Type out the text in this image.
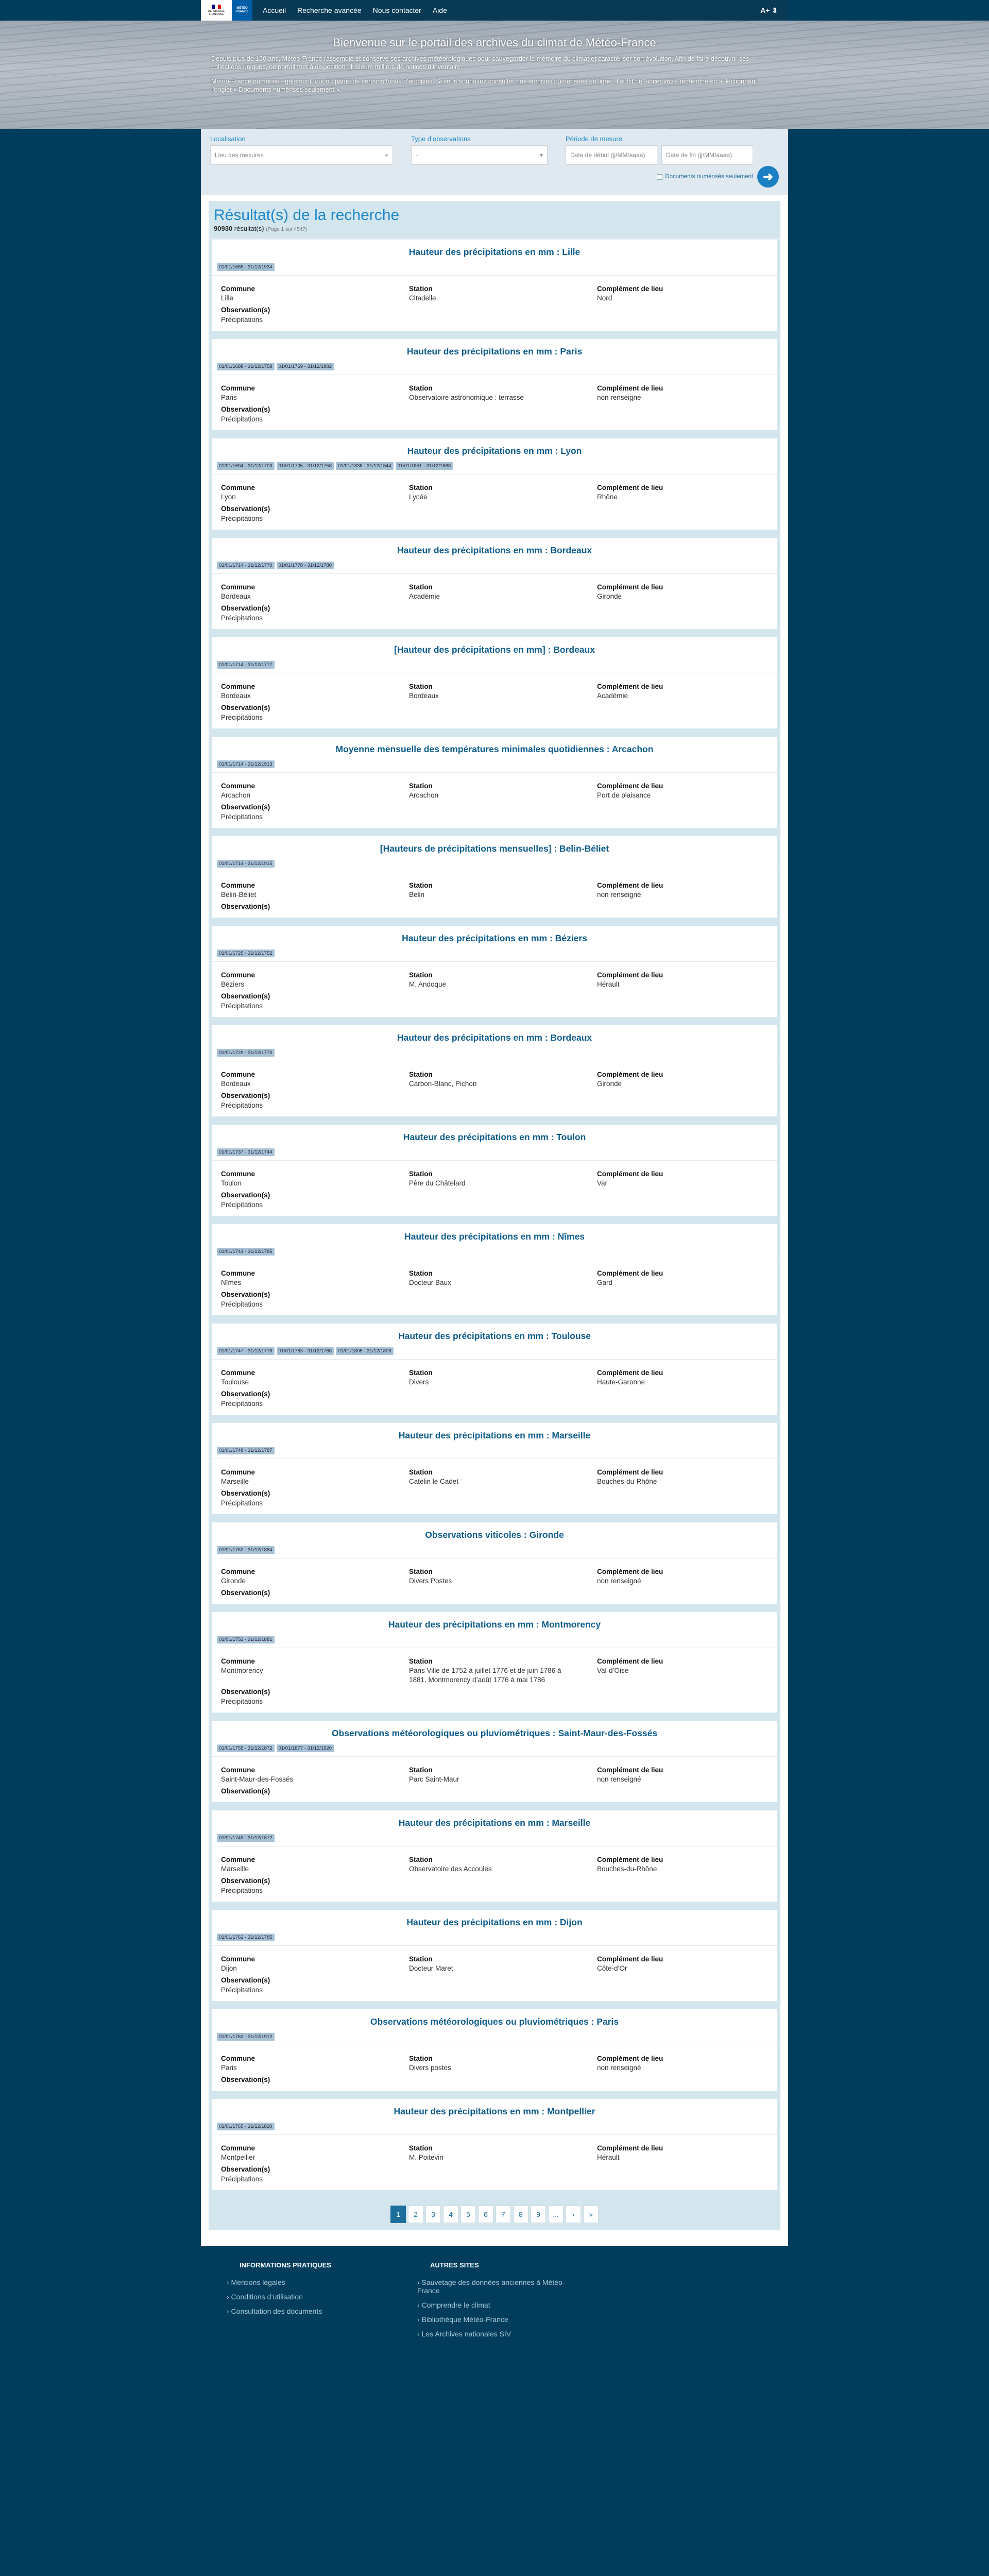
RÉPUBLIQUE
FRANÇAISE
MÉTÉO
FRANCE Accueil Recherche avancée Nous contacter Aide	A+ ⇕
Bienvenue sur le portail des archives du climat de Météo-France

Depuis plus de 150 ans, Météo-France rassemble et conserve ses archives météorologiques pour sauvegarder la mémoire du climat et caractériser son évolution. Afin de faire découvrir ses collections uniques, ce portail met à disposition plusieurs milliers de notices d’inventaire.

Météo-France numérise également tout ou partie de certains fonds d’archives. Si vous souhaitez consulter nos archives numérisées en ligne, il suffit de lancer votre recherche en sélectionnant l’onglet « Documents numérisés seulement ».

Localisation
Lieu des mesures	⌖
Type d’observations
-	▾
Période de mesure
Date de début (jj/MM/aaaa)	Date de fin (jj/MM/aaaa)
Documents numérisés seulement ➜
Résultat(s) de la recherche
90930 résultat(s) (Page 1 sur 4547)
Hauteur des précipitations en mm : Lille
01/01/1665 - 31/12/1934
Commune
Lille
Station
Citadelle
Complément de lieu
Nord
Observation(s)
Précipitations
Hauteur des précipitations en mm : Paris
01/01/1688 - 31/12/1758 01/01/1769 - 31/12/1882
Commune
Paris
Station
Observatoire astronomique : terrasse
Complément de lieu
non renseigné
Observation(s)
Précipitations
Hauteur des précipitations en mm : Lyon
01/01/1694 - 31/12/1703 01/01/1705 - 31/12/1758 01/01/1838 - 31/12/1844 01/01/1851 - 31/12/1868
Commune
Lyon
Station
Lycée
Complément de lieu
Rhône
Observation(s)
Précipitations
Hauteur des précipitations en mm : Bordeaux
01/01/1714 - 31/12/1770 01/01/1778 - 31/12/1780
Commune
Bordeaux
Station
Académie
Complément de lieu
Gironde
Observation(s)
Précipitations
[Hauteur des précipitations en mm] : Bordeaux
01/01/1714 - 31/12/1777
Commune
Bordeaux
Station
Bordeaux
Complément de lieu
Académie
Observation(s)
Précipitations
Moyenne mensuelle des températures minimales quotidiennes : Arcachon
01/01/1714 - 31/12/1913
Commune
Arcachon
Station
Arcachon
Complément de lieu
Port de plaisance
Observation(s)
Précipitations
[Hauteurs de précipitations mensuelles] : Belin-Béliet
01/01/1714 - 31/12/1915
Commune
Belin-Béliet
Station
Belin
Complément de lieu
non renseigné
Observation(s)
Hauteur des précipitations en mm : Béziers
01/01/1725 - 31/12/1752
Commune
Béziers
Station
M. Andoque
Complément de lieu
Hérault
Observation(s)
Précipitations
Hauteur des précipitations en mm : Bordeaux
01/01/1729 - 31/12/1770
Commune
Bordeaux
Station
Carbon-Blanc, Pichon
Complément de lieu
Gironde
Observation(s)
Précipitations
Hauteur des précipitations en mm : Toulon
01/01/1737 - 31/12/1744
Commune
Toulon
Station
Père du Châtelard
Complément de lieu
Var
Observation(s)
Précipitations
Hauteur des précipitations en mm : Nîmes
01/01/1744 - 31/12/1785
Commune
Nîmes
Station
Docteur Baux
Complément de lieu
Gard
Observation(s)
Précipitations
Hauteur des précipitations en mm : Toulouse
01/01/1747 - 31/12/1776 01/01/1783 - 31/12/1786 01/01/1805 - 31/12/1809
Commune
Toulouse
Station
Divers
Complément de lieu
Haute-Garonne
Observation(s)
Précipitations
Hauteur des précipitations en mm : Marseille
01/01/1748 - 31/12/1787
Commune
Marseille
Station
Catelin le Cadet
Complément de lieu
Bouches-du-Rhône
Observation(s)
Précipitations
Observations viticoles : Gironde
01/01/1752 - 31/12/1864
Commune
Gironde
Station
Divers Postes
Complément de lieu
non renseigné
Observation(s)
Hauteur des précipitations en mm : Montmorency
01/01/1752 - 31/12/1881
Commune
Montmorency
Station
Paris Ville de 1752 à juillet 1776 et de juin 1786 à 1881, Montmorency d’août 1776 à mai 1786
Complément de lieu
Val-d’Oise
Observation(s)
Précipitations
Observations météorologiques ou pluviométriques : Saint-Maur-des-Fossés
01/01/1755 - 31/12/1872 01/01/1877 - 31/12/1920
Commune
Saint-Maur-des-Fossés
Station
Parc Saint-Maur
Complément de lieu
non renseigné
Observation(s)
Hauteur des précipitations en mm : Marseille
01/01/1749 - 31/12/1872
Commune
Marseille
Station
Observatoire des Accoules
Complément de lieu
Bouches-du-Rhône
Observation(s)
Précipitations
Hauteur des précipitations en mm : Dijon
01/01/1762 - 31/12/1785
Commune
Dijon
Station
Docteur Maret
Complément de lieu
Côte-d’Or
Observation(s)
Précipitations
Observations météorologiques ou pluviométriques : Paris
01/01/1762 - 31/12/1912
Commune
Paris
Station
Divers postes
Complément de lieu
non renseigné
Observation(s)
Hauteur des précipitations en mm : Montpellier
01/01/1765 - 31/12/1820
Commune
Montpellier
Station
M. Poitevin
Complément de lieu
Hérault
Observation(s)
Précipitations
1	2	3	4	5	6	7	8	9	...	›	»
INFORMATIONS PRATIQUES
› Mentions légales
› Conditions d’utilisation
› Consultation des documents
AUTRES SITES
› Sauvetage des données anciennes à Météo-France
› Comprendre le climat
› Bibliothèque Météo-France
› Les Archives nationales SIV
